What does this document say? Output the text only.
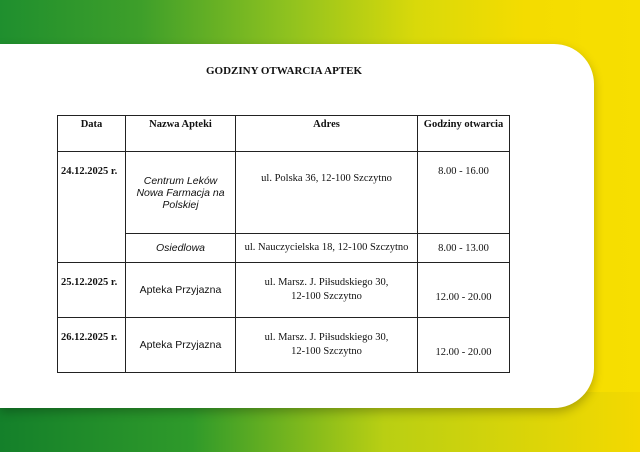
GODZINY OTWARCIA APTEK
Data	Nazwa Apteki	Adres	Godziny otwarcia
24.12.2025 r.	Centrum Leków Nowa Farmacja na Polskiej	ul. Polska 36, 12-100 Szczytno	8.00 - 16.00
	Osiedlowa	ul. Nauczycielska 18, 12-100 Szczytno	8.00 - 13.00
25.12.2025 r.	Apteka Przyjazna	ul. Marsz. J. Piłsudskiego 30,
12-100 Szczytno	12.00 - 20.00
26.12.2025 r.	Apteka Przyjazna	ul. Marsz. J. Piłsudskiego 30,
12-100 Szczytno	12.00 - 20.00
